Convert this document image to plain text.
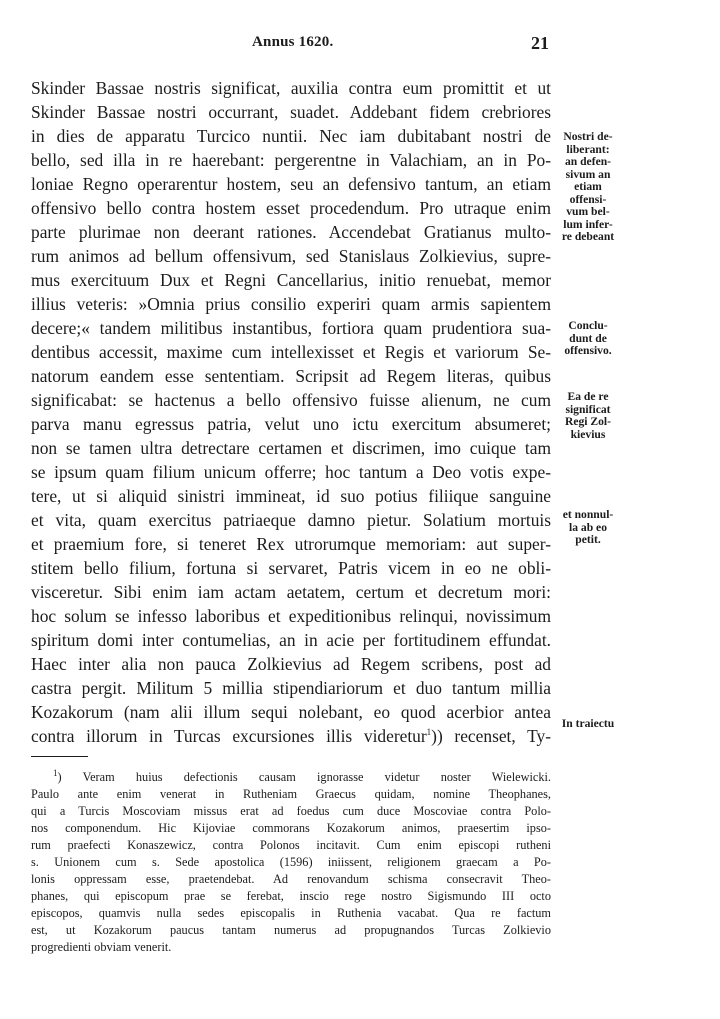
Annus 1620.	21
Skinder Bassae nostris significat, auxilia contra eum promittit et ut
Skinder Bassae nostri occurrant, suadet. Addebant fidem crebriores
in dies de apparatu Turcico nuntii. Nec iam dubitabant nostri de
bello, sed illa in re haerebant: pergerentne in Valachiam, an in Po-
loniae Regno operarentur hostem, seu an defensivo tantum, an etiam
offensivo bello contra hostem esset procedendum. Pro utraque enim
parte plurimae non deerant rationes. Accendebat Gratianus multo-
rum animos ad bellum offensivum, sed Stanislaus Zolkievius, supre-
mus exercituum Dux et Regni Cancellarius, initio renuebat, memor
illius veteris: »Omnia prius consilio experiri quam armis sapientem
decere;« tandem militibus instantibus, fortiora quam prudentiora sua-
dentibus accessit, maxime cum intellexisset et Regis et variorum Se-
natorum eandem esse sententiam. Scripsit ad Regem literas, quibus
significabat: se hactenus a bello offensivo fuisse alienum, ne cum
parva manu egressus patria, velut uno ictu exercitum absumeret;
non se tamen ultra detrectare certamen et discrimen, imo cuique tam
se ipsum quam filium unicum offerre; hoc tantum a Deo votis expe-
tere, ut si aliquid sinistri immineat, id suo potius filiique sanguine
et vita, quam exercitus patriaeque damno pietur. Solatium mortuis
et praemium fore, si teneret Rex utrorumque memoriam: aut super-
stitem bello filium, fortuna si servaret, Patris vicem in eo ne obli-
visceretur. Sibi enim iam actam aetatem, certum et decretum mori:
hoc solum se infesso laboribus et expeditionibus relinqui, novissimum
spiritum domi inter contumelias, an in acie per fortitudinem effundat.
Haec inter alia non pauca Zolkievius ad Regem scribens, post ad
castra pergit. Militum 5 millia stipendiariorum et duo tantum millia
Kozakorum (nam alii illum sequi nolebant, eo quod acerbior antea
contra illorum in Turcas excursiones illis videretur$^1$)) recenset, Ty-
Nostri de-
liberant:
an defen-
sivum an
etiam
offensi-
vum bel-
lum infer-
re debeant
Conclu-
dunt de
offensivo.
Ea de re
significat
Regi Zol-
kievius
et nonnul-
la ab eo
petit.
In traiectu
$^1$) Veram huius defectionis causam ignorasse videtur noster Wielewicki.
Paulo ante enim venerat in Rutheniam Graecus quidam, nomine Theophanes,
qui a Turcis Moscoviam missus erat ad foedus cum duce Moscoviae contra Polo-
nos componendum. Hic Kijoviae commorans Kozakorum animos, praesertim ipso-
rum praefecti Konaszewicz, contra Polonos incitavit. Cum enim episcopi rutheni
s. Unionem cum s. Sede apostolica (1596) iniissent, religionem graecam a Po-
lonis oppressam esse, praetendebat. Ad renovandum schisma consecravit Theo-
phanes, qui episcopum prae se ferebat, inscio rege nostro Sigismundo III octo
episcopos, quamvis nulla sedes episcopalis in Ruthenia vacabat. Qua re factum
est, ut Kozakorum paucus tantam numerus ad propugnandos Turcas Zolkievio
progredienti obviam venerit.
